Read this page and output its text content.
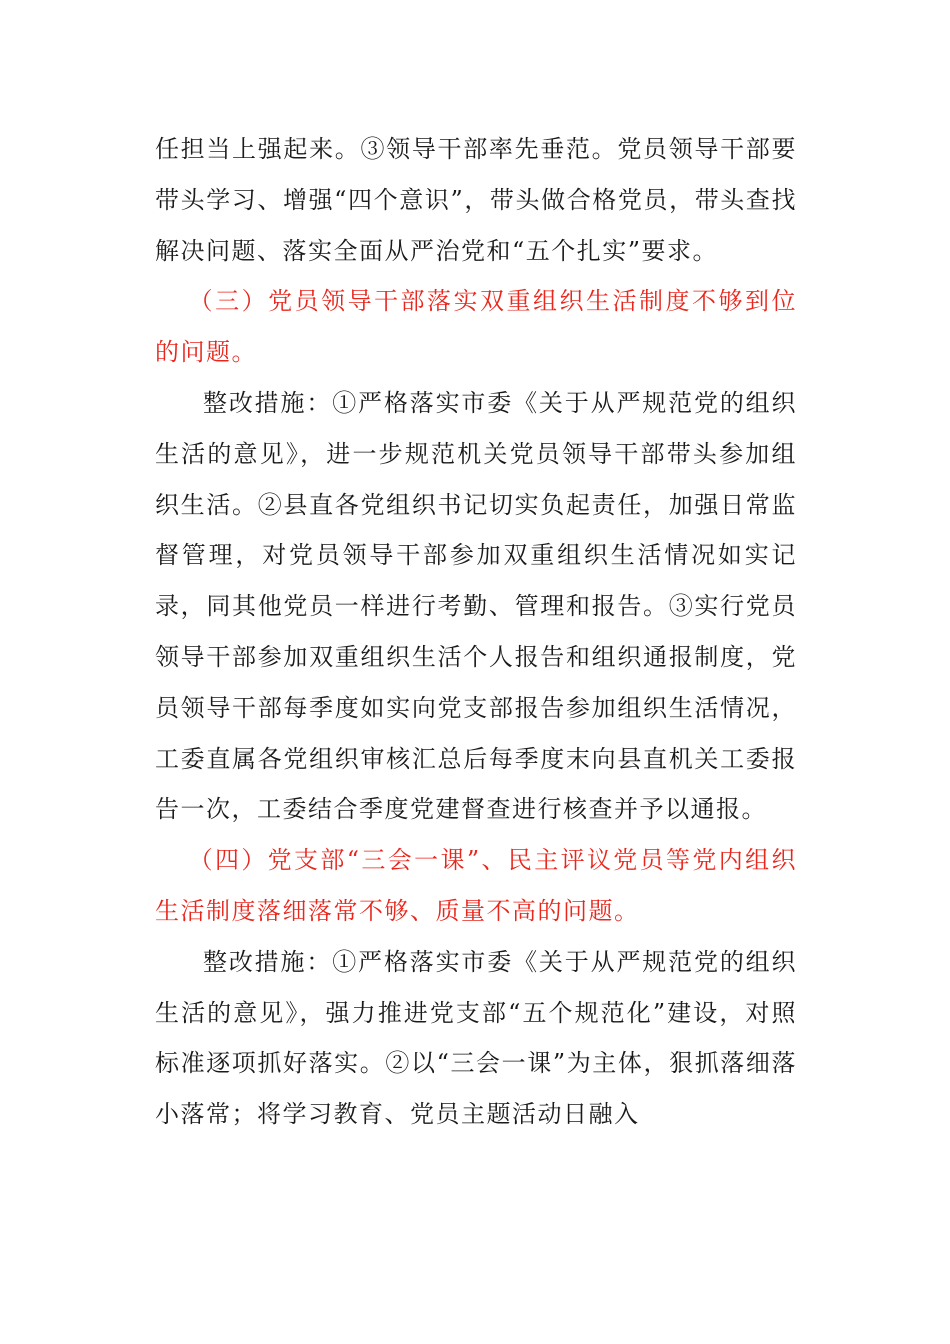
任担当上强起来。③领导干部率先垂范。党员领导干部要带头学习、增强“四个意识”，带头做合格党员，带头查找解决问题、落实全面从严治党和“五个扎实”要求。

（三）党员领导干部落实双重组织生活制度不够到位的问题。

整改措施：①严格落实市委《关于从严规范党的组织生活的意见》，进一步规范机关党员领导干部带头参加组织生活。②县直各党组织书记切实负起责任，加强日常监督管理，对党员领导干部参加双重组织生活情况如实记录，同其他党员一样进行考勤、管理和报告。③实行党员领导干部参加双重组织生活个人报告和组织通报制度，党员领导干部每季度如实向党支部报告参加组织生活情况，工委直属各党组织审核汇总后每季度末向县直机关工委报告一次，工委结合季度党建督查进行核查并予以通报。

（四）党支部“三会一课”、民主评议党员等党内组织生活制度落细落常不够、质量不高的问题。

整改措施：①严格落实市委《关于从严规范党的组织生活的意见》，强力推进党支部“五个规范化”建设，对照标准逐项抓好落实。②以“三会一课”为主体，狠抓落细落小落常；将学习教育、党员主题活动日融入
